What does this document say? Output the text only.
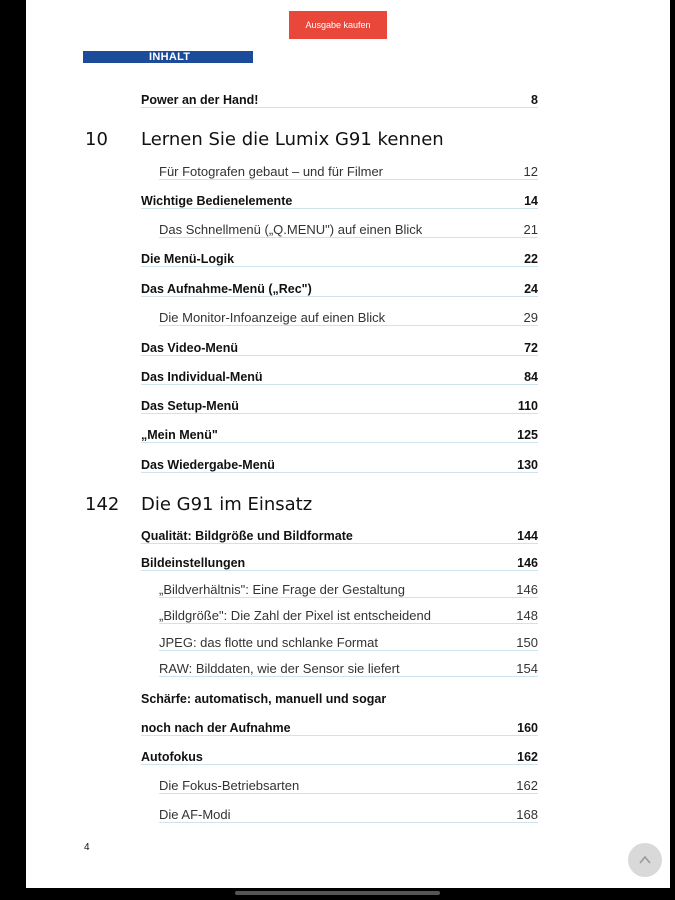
Ausgabe kaufen
INHALT
Power an der Hand!	8
10 Lernen Sie die Lumix G91 kennen
Für Fotografen gebaut – und für Filmer	12
Wichtige Bedienelemente	14
Das Schnellmenü („Q.MENU") auf einen Blick	21
Die Menü-Logik	22
Das Aufnahme-Menü („Rec")	24
Die Monitor-Infoanzeige auf einen Blick	29
Das Video-Menü	72
Das Individual-Menü	84
Das Setup-Menü	110
„Mein Menü"	125
Das Wiedergabe-Menü	130
142 Die G91 im Einsatz
Qualität: Bildgröße und Bildformate	144
Bildeinstellungen	146
„Bildverhältnis": Eine Frage der Gestaltung	146
„Bildgröße": Die Zahl der Pixel ist entscheidend	148
JPEG: das flotte und schlanke Format	150
RAW: Bilddaten, wie der Sensor sie liefert	154
Schärfe: automatisch, manuell und sogar
noch nach der Aufnahme	160
Autofokus	162
Die Fokus-Betriebsarten	162
Die AF-Modi	168
4
